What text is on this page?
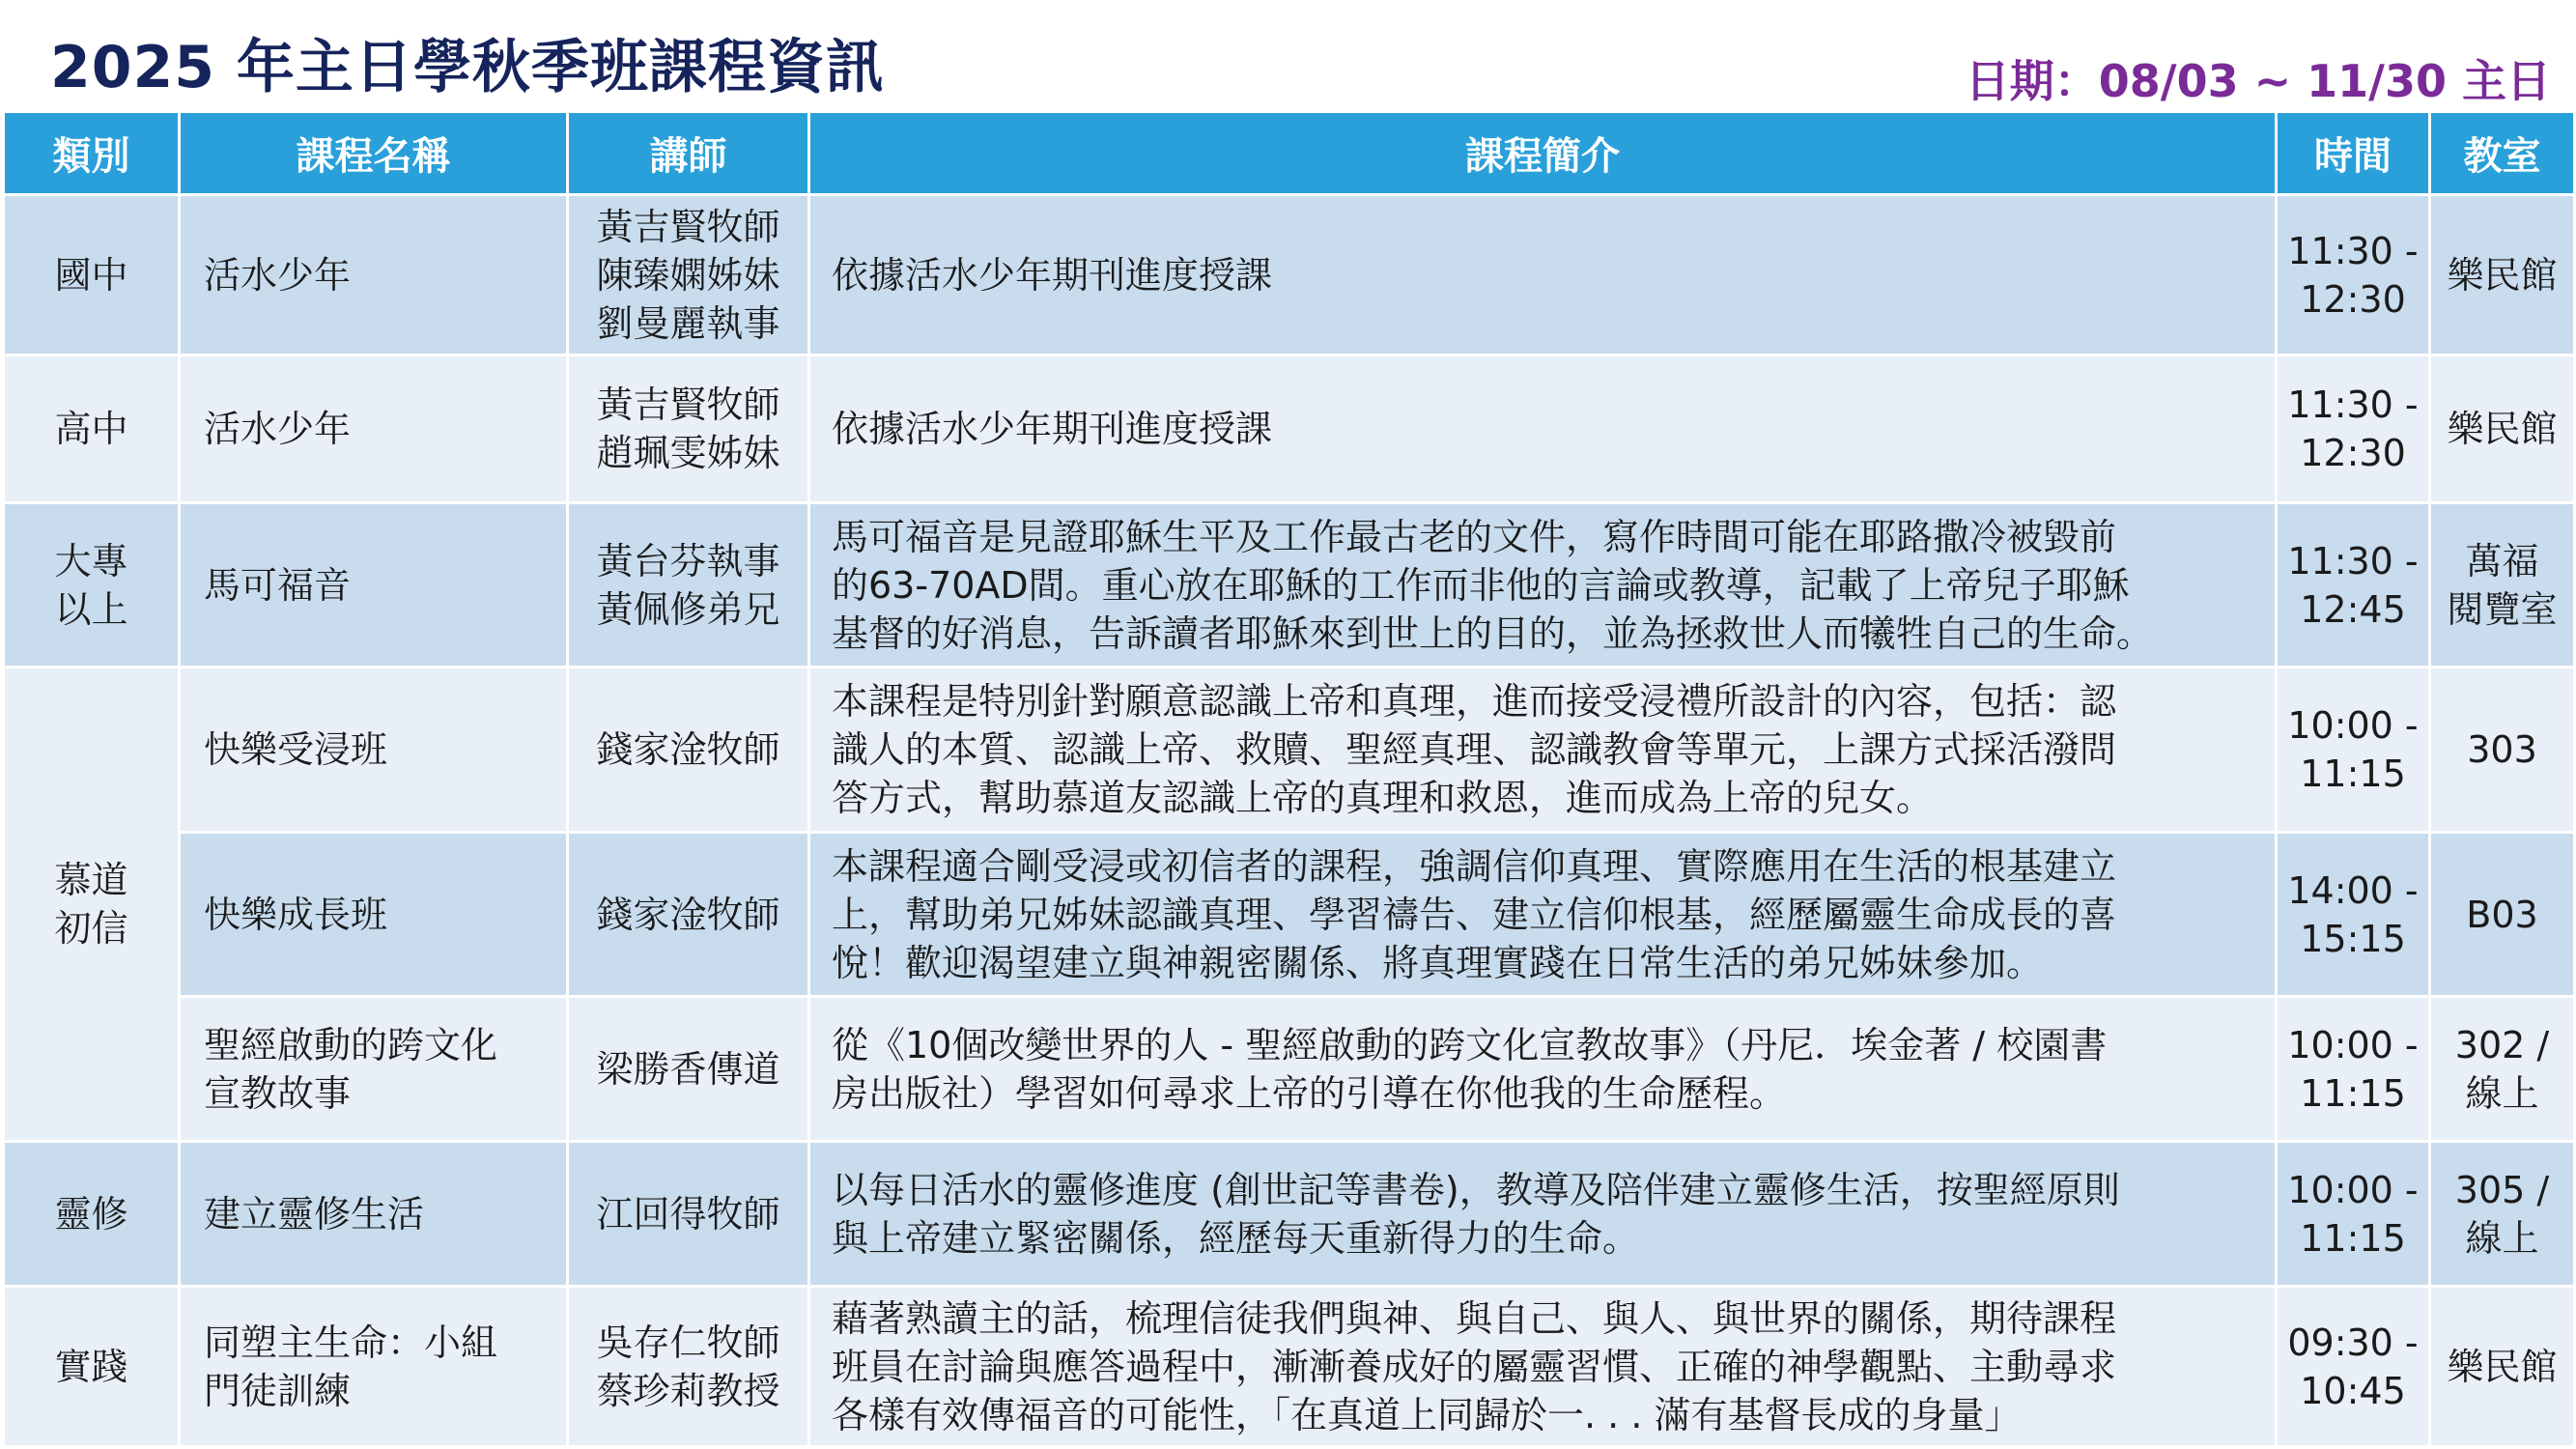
2025 年主日學秋季班課程資訊	日期：08/03 ~ 11/30 主日
類別	課程名稱	講師	課程簡介	時間	教室

國中	活水少年	黃吉賢牧師
陳臻嫻姊妹
劉曼麗執事	依據活水少年期刊進度授課	11:30 -
12:30	樂民館

高中	活水少年	黃吉賢牧師
趙珮雯姊妹	依據活水少年期刊進度授課	11:30 -
12:30	樂民館

大專
以上	馬可福音	黃台芬執事
黃佩修弟兄	馬可福音是見證耶穌生平及工作最古老的文件，寫作時間可能在耶路撒冷被毀前
的63-70AD間。重心放在耶穌的工作而非他的言論或教導，記載了上帝兒子耶穌
基督的好消息，告訴讀者耶穌來到世上的目的，並為拯救世人而犧牲自己的生命。	11:30 -
12:45	萬福
閱覽室

慕道
初信	快樂受浸班	錢家淦牧師	本課程是特別針對願意認識上帝和真理，進而接受浸禮所設計的內容，包括：認
識人的本質、認識上帝、救贖、聖經真理、認識教會等單元，上課方式採活潑問
答方式，幫助慕道友認識上帝的真理和救恩，進而成為上帝的兒女。	10:00 -
11:15	303

	快樂成長班	錢家淦牧師	本課程適合剛受浸或初信者的課程，強調信仰真理、實際應用在生活的根基建立
上，幫助弟兄姊妹認識真理、學習禱告、建立信仰根基，經歷屬靈生命成長的喜
悅！歡迎渴望建立與神親密關係、將真理實踐在日常生活的弟兄姊妹參加。	14:00 -
15:15	B03

	聖經啟動的跨文化
宣教故事	梁勝香傳道	從《10個改變世界的人 - 聖經啟動的跨文化宣教故事》（丹尼．埃金著 / 校園書
房出版社）學習如何尋求上帝的引導在你他我的生命歷程。	10:00 -
11:15	302 /
線上

靈修	建立靈修生活	江回得牧師	以每日活水的靈修進度 (創世記等書卷)，教導及陪伴建立靈修生活，按聖經原則
與上帝建立緊密關係，經歷每天重新得力的生命。	10:00 -
11:15	305 /
線上

實踐	同塑主生命：小組
門徒訓練	吳存仁牧師
蔡珍莉教授	藉著熟讀主的話，梳理信徒我們與神、與自己、與人、與世界的關係，期待課程
班員在討論與應答過程中，漸漸養成好的屬靈習慣、正確的神學觀點、主動尋求
各樣有效傳福音的可能性，「在真道上同歸於一. . . 滿有基督長成的身量」	09:30 -
10:45	樂民館
